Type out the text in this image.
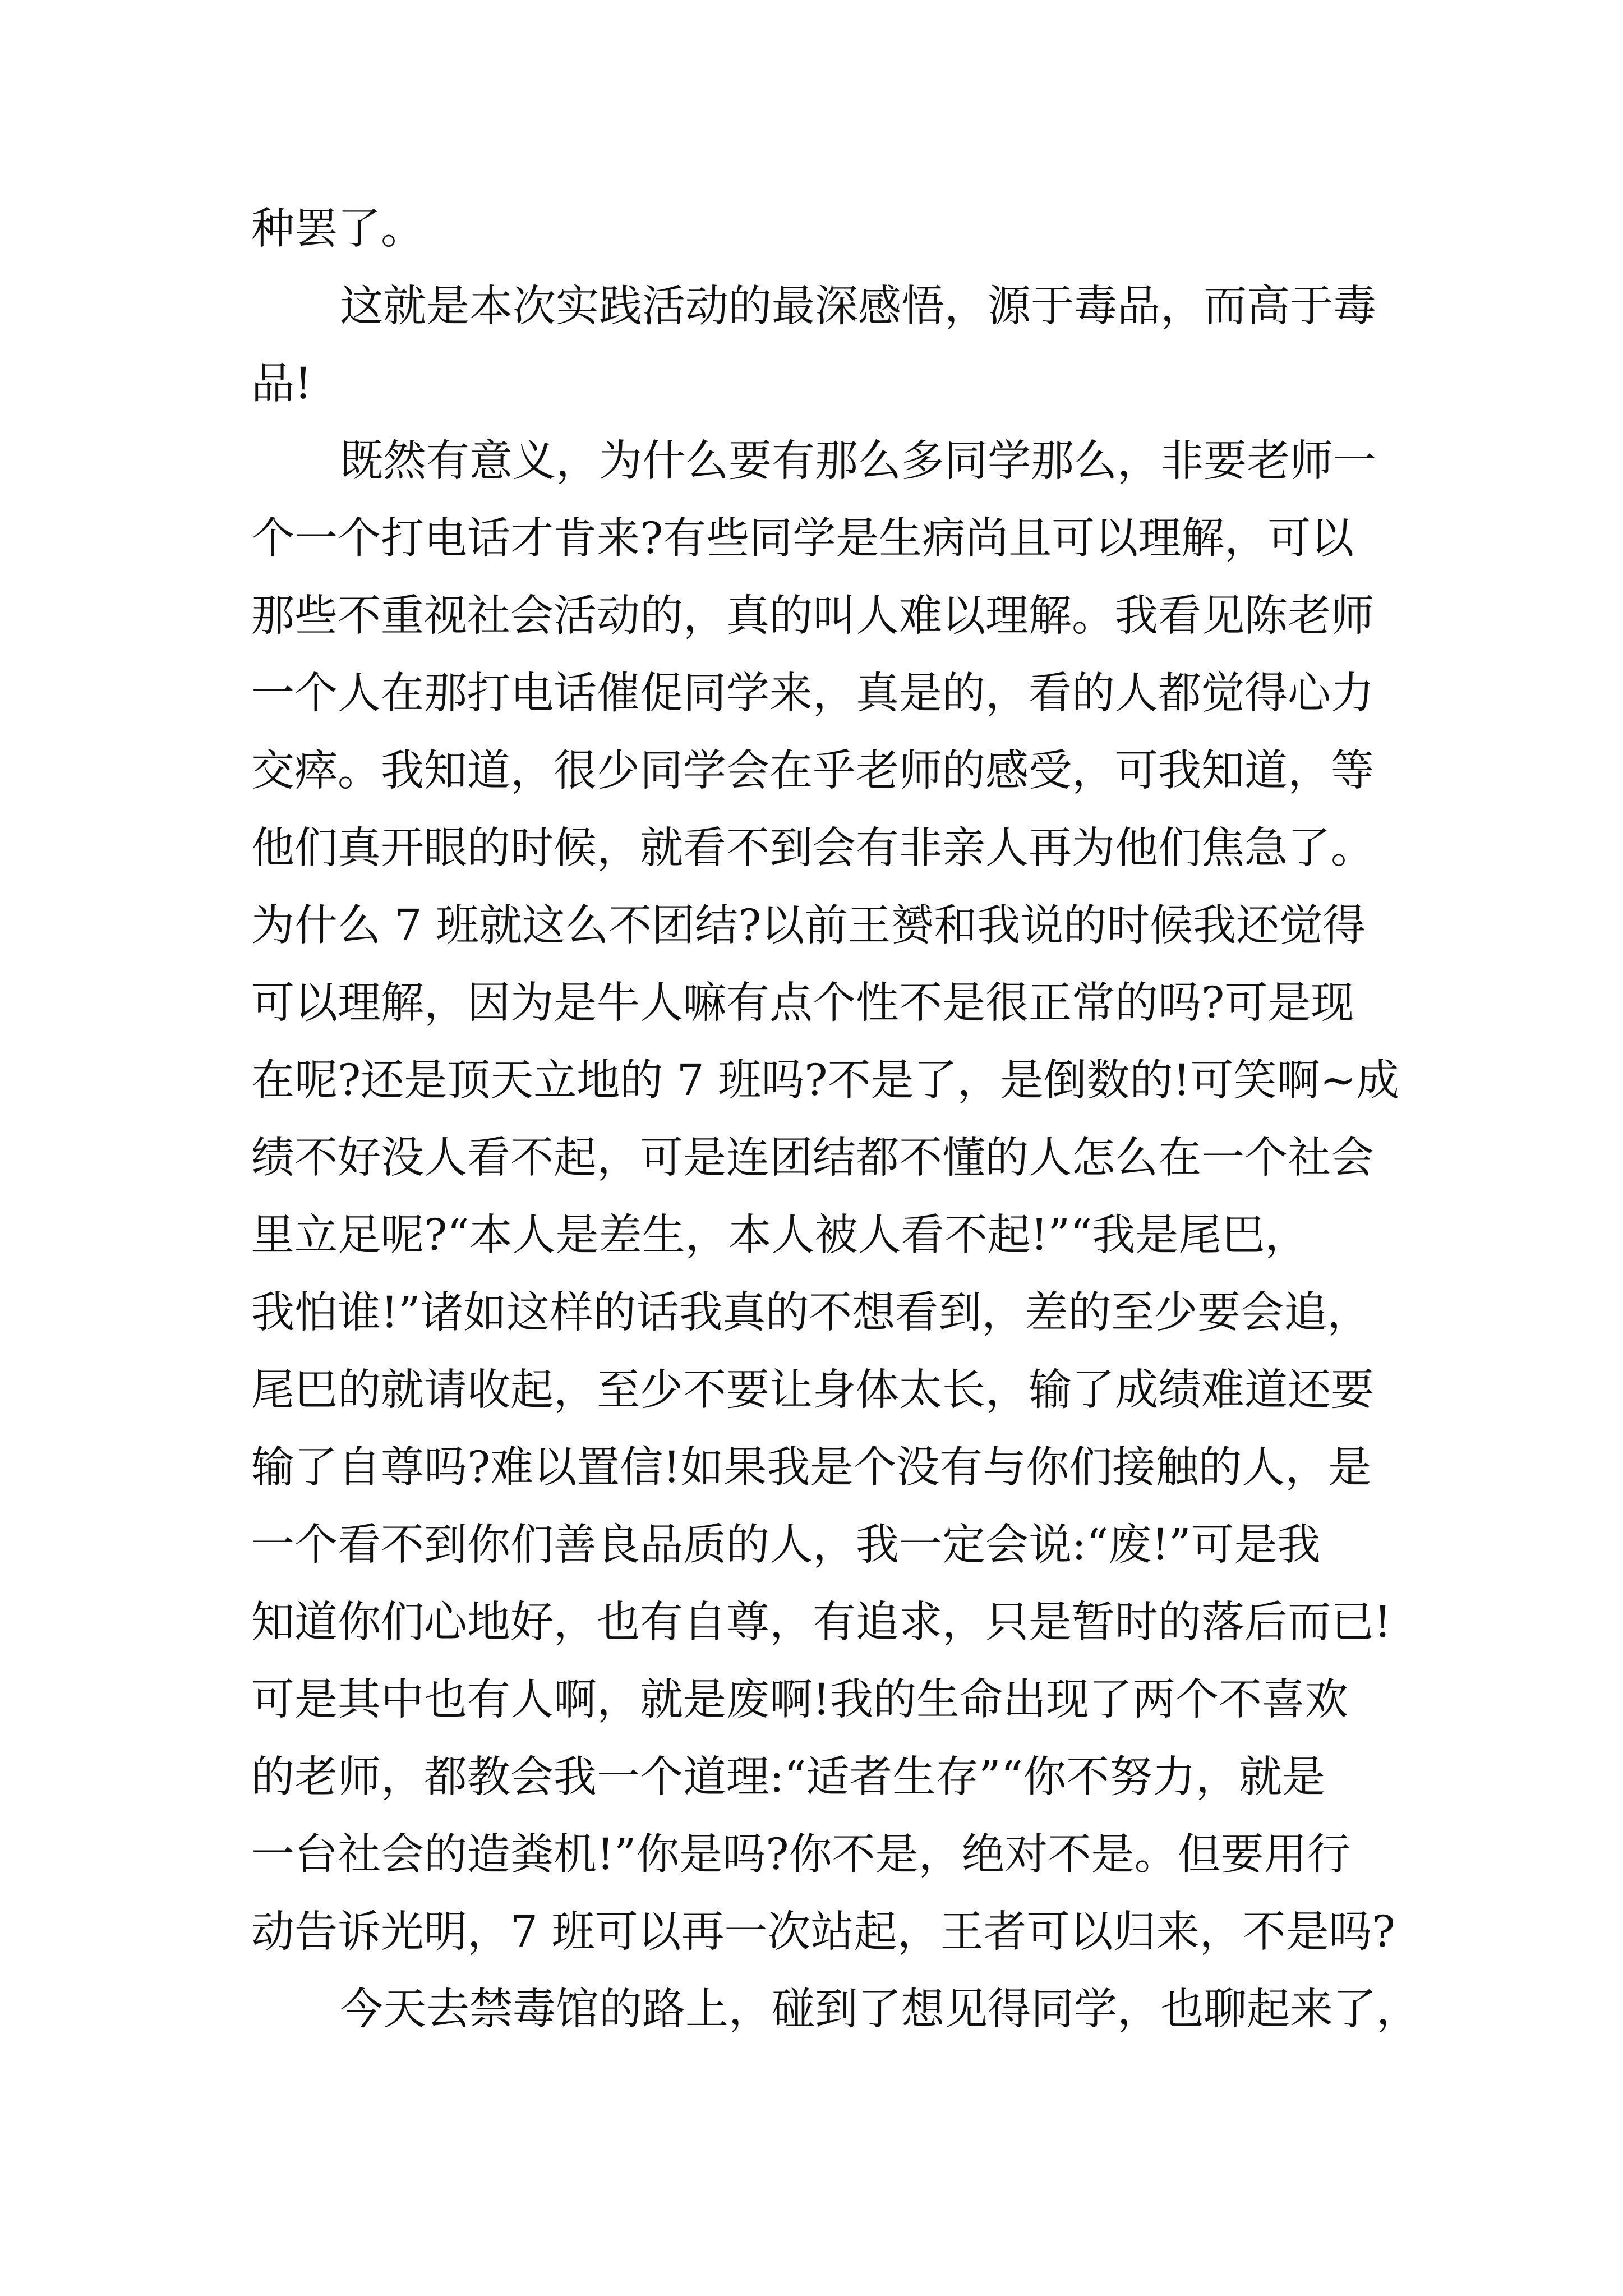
种罢了。
这就是本次实践活动的最深感悟，源于毒品，而高于毒
品!
既然有意义，为什么要有那么多同学那么，非要老师一
个一个打电话才肯来?有些同学是生病尚且可以理解，可以
那些不重视社会活动的，真的叫人难以理解。我看见陈老师
一个人在那打电话催促同学来，真是的，看的人都觉得心力
交瘁。我知道，很少同学会在乎老师的感受，可我知道，等
他们真开眼的时候，就看不到会有非亲人再为他们焦急了。
为什么 7 班就这么不团结?以前王赟和我说的时候我还觉得
可以理解，因为是牛人嘛有点个性不是很正常的吗?可是现
在呢?还是顶天立地的 7 班吗?不是了，是倒数的!可笑啊~成
绩不好没人看不起，可是连团结都不懂的人怎么在一个社会
里立足呢?“本人是差生，本人被人看不起!”“我是尾巴，
我怕谁!”诸如这样的话我真的不想看到，差的至少要会追，
尾巴的就请收起，至少不要让身体太长，输了成绩难道还要
输了自尊吗?难以置信!如果我是个没有与你们接触的人，是
一个看不到你们善良品质的人，我一定会说:“废!”可是我
知道你们心地好，也有自尊，有追求，只是暂时的落后而已!
可是其中也有人啊，就是废啊!我的生命出现了两个不喜欢
的老师，都教会我一个道理:“适者生存”“你不努力，就是
一台社会的造粪机!”你是吗?你不是，绝对不是。但要用行
动告诉光明，7 班可以再一次站起，王者可以归来，不是吗?
今天去禁毒馆的路上，碰到了想见得同学，也聊起来了，
